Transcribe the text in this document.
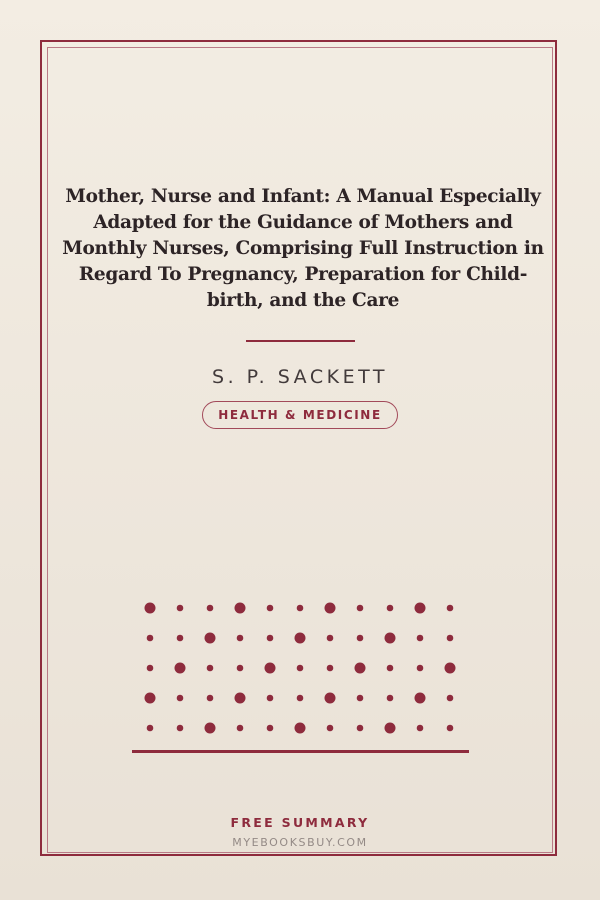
Mother, Nurse and Infant: A Manual Especially Adapted for the Guidance of Mothers and Monthly Nurses, Comprising Full Instruction in Regard To Pregnancy, Preparation for Child-birth, and the Care
S. P. SACKETT
HEALTH & MEDICINE
FREE SUMMARY
MYEBOOKSBUY.COM
